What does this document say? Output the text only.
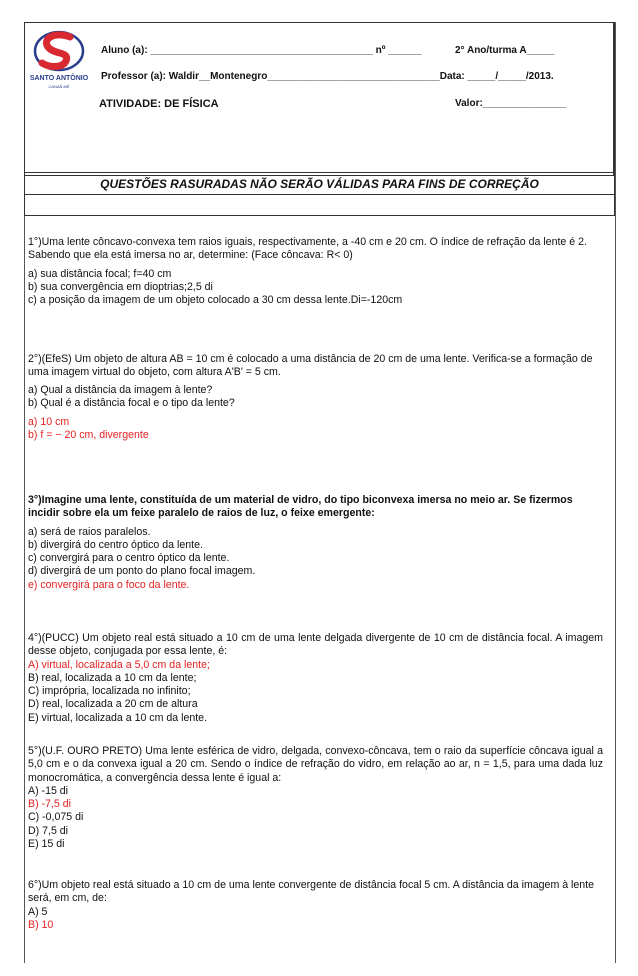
SANTO ANTÔNIO
CANAÃ-MÊ
Aluno (a): ________________________________________ nº ______	2° Ano/turma A_____
Professor (a): Waldir__Montenegro_______________________________Data: _____/_____/2013.
ATIVIDADE: DE FÍSICA	Valor:_______________
QUESTÕES RASURADAS NÃO SERÃO VÁLIDAS PARA FINS DE CORREÇÃO

1°)Uma lente côncavo-convexa tem raios iguais, respectivamente, a -40 cm e 20 cm. O índice de refração da lente é 2. Sabendo que ela está imersa no ar, determine: (Face côncava: R< 0)

a) sua distância focal; f=40 cm

b) sua convergência em dioptrias;2,5 di

c) a posição da imagem de um objeto colocado a 30 cm dessa lente.Di=-120cm

2°)(EfeS) Um objeto de altura AB = 10 cm é colocado a uma distância de 20 cm de uma lente. Verifica-se a formação de uma imagem virtual do objeto, com altura A'B' = 5 cm.

a) Qual a distância da imagem à lente?

b) Qual é a distância focal e o tipo da lente?

a) 10 cm

b) f = − 20 cm, divergente

3°)Imagine uma lente, constituída de um material de vidro, do tipo biconvexa imersa no meio ar. Se fizermos incidir sobre ela um feixe paralelo de raios de luz, o feixe emergente:

a) será de raios paralelos.

b) divergirá do centro óptico da lente.

c) convergirá para o centro óptico da lente.

d) divergirá de um ponto do plano focal imagem.

e) convergirá para o foco da lente.

4°)(PUCC) Um objeto real está situado a 10 cm de uma lente delgada divergente de 10 cm de distância focal. A imagem desse objeto, conjugada por essa lente, é:

A) virtual, localizada a 5,0 cm da lente;

B) real, localizada a 10 cm da lente;

C) imprópria, localizada no infinito;

D) real, localizada a 20 cm de altura

E) virtual, localizada a 10 cm da lente.

5°)(U.F. OURO PRETO) Uma lente esférica de vidro, delgada, convexo-côncava, tem o raio da superfície côncava igual a 5,0 cm e o da convexa igual a 20 cm. Sendo o índice de refração do vidro, em relação ao ar, n = 1,5, para uma dada luz monocromática, a convergência dessa lente é igual a:

A) -15 di

B) -7,5 di

C) -0,075 di

D) 7,5 di

E) 15 di

6°)Um objeto real está situado a 10 cm de uma lente convergente de distância focal 5 cm. A distância da imagem à lente será, em cm, de:

A) 5

B) 10
